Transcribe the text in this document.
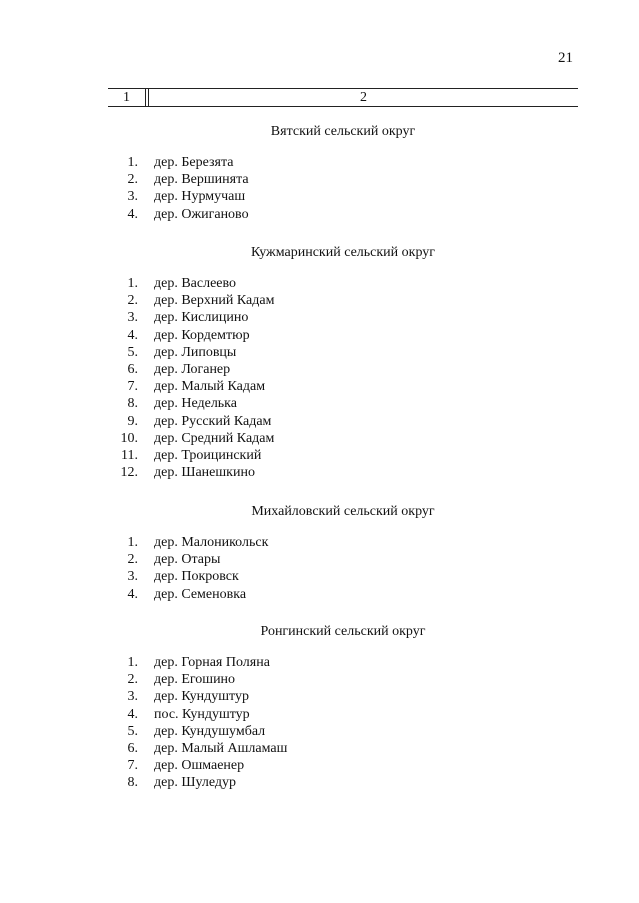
21
1	2
Вятский сельский округ
1. дер. Березята
2. дер. Вершинята
3. дер. Нурмучаш
4. дер. Ожиганово
Кужмаринский сельский округ
1. дер. Васлеево
2. дер. Верхний Кадам
3. дер. Кислицино
4. дер. Кордемтюр
5. дер. Липовцы
6. дер. Логанер
7. дер. Малый Кадам
8. дер. Неделька
9. дер. Русский Кадам
10. дер. Средний Кадам
11. дер. Троицинский
12. дер. Шанешкино
Михайловский сельский округ
1. дер. Малоникольск
2. дер. Отары
3. дер. Покровск
4. дер. Семеновка
Ронгинский сельский округ
1. дер. Горная Поляна
2. дер. Егошино
3. дер. Кундуштур
4. пос. Кундуштур
5. дер. Кундушумбал
6. дер. Малый Ашламаш
7. дер. Ошмаенер
8. дер. Шуледур
